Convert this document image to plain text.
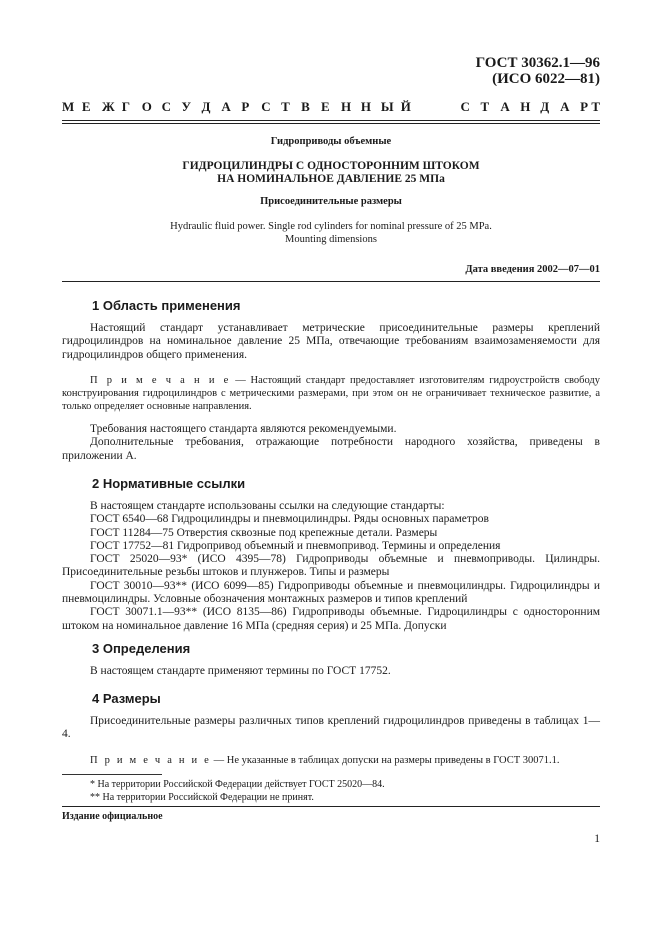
ГОСТ 30362.1—96
(ИСО 6022—81)
М Е Ж Г О С У Д А Р С Т В Е Н Н Ы Й	С Т А Н Д А Р Т
Гидроприводы объемные
ГИДРОЦИЛИНДРЫ С ОДНОСТОРОННИМ ШТОКОМ
НА НОМИНАЛЬНОЕ ДАВЛЕНИЕ 25 МПа
Присоединительные размеры
Hydraulic fluid power. Single rod cylinders for nominal pressure of 25 MPa.
Mounting dimensions
Дата введения 2002—07—01
1 Область применения

Настоящий стандарт устанавливает метрические присоединительные размеры креплений гидроцилиндров на номинальное давление 25 МПа, отвечающие требованиям взаимозаменяемости для гидроцилиндров общего применения.

П р и м е ч а н и е — Настоящий стандарт предоставляет изготовителям гидроустройств свободу конструирования гидроцилиндров с метрическими размерами, при этом он не ограничивает техническое развитие, а только определяет основные направления.

Требования настоящего стандарта являются рекомендуемыми.

Дополнительные требования, отражающие потребности народного хозяйства, приведены в приложении А.

2 Нормативные ссылки

В настоящем стандарте использованы ссылки на следующие стандарты:

ГОСТ 6540—68 Гидроцилиндры и пневмоцилиндры. Ряды основных параметров

ГОСТ 11284—75 Отверстия сквозные под крепежные детали. Размеры

ГОСТ 17752—81 Гидропривод объемный и пневмопривод. Термины и определения

ГОСТ 25020—93* (ИСО 4395—78) Гидроприводы объемные и пневмоприводы. Цилиндры. Присоединительные резьбы штоков и плунжеров. Типы и размеры

ГОСТ 30010—93** (ИСО 6099—85) Гидроприводы объемные и пневмоцилиндры. Гидроцилиндры и пневмоцилиндры. Условные обозначения монтажных размеров и типов креплений

ГОСТ 30071.1—93** (ИСО 8135—86) Гидроприводы объемные. Гидроцилиндры с односторонним штоком на номинальное давление 16 МПа (средняя серия) и 25 МПа. Допуски

3 Определения

В настоящем стандарте применяют термины по ГОСТ 17752.

4 Размеры

Присоединительные размеры различных типов креплений гидроцилиндров приведены в таблицах 1—4.

П р и м е ч а н и е — Не указанные в таблицах допуски на размеры приведены в ГОСТ 30071.1.

* На территории Российской Федерации действует ГОСТ 25020—84.
** На территории Российской Федерации не принят.
Издание официальное
1
